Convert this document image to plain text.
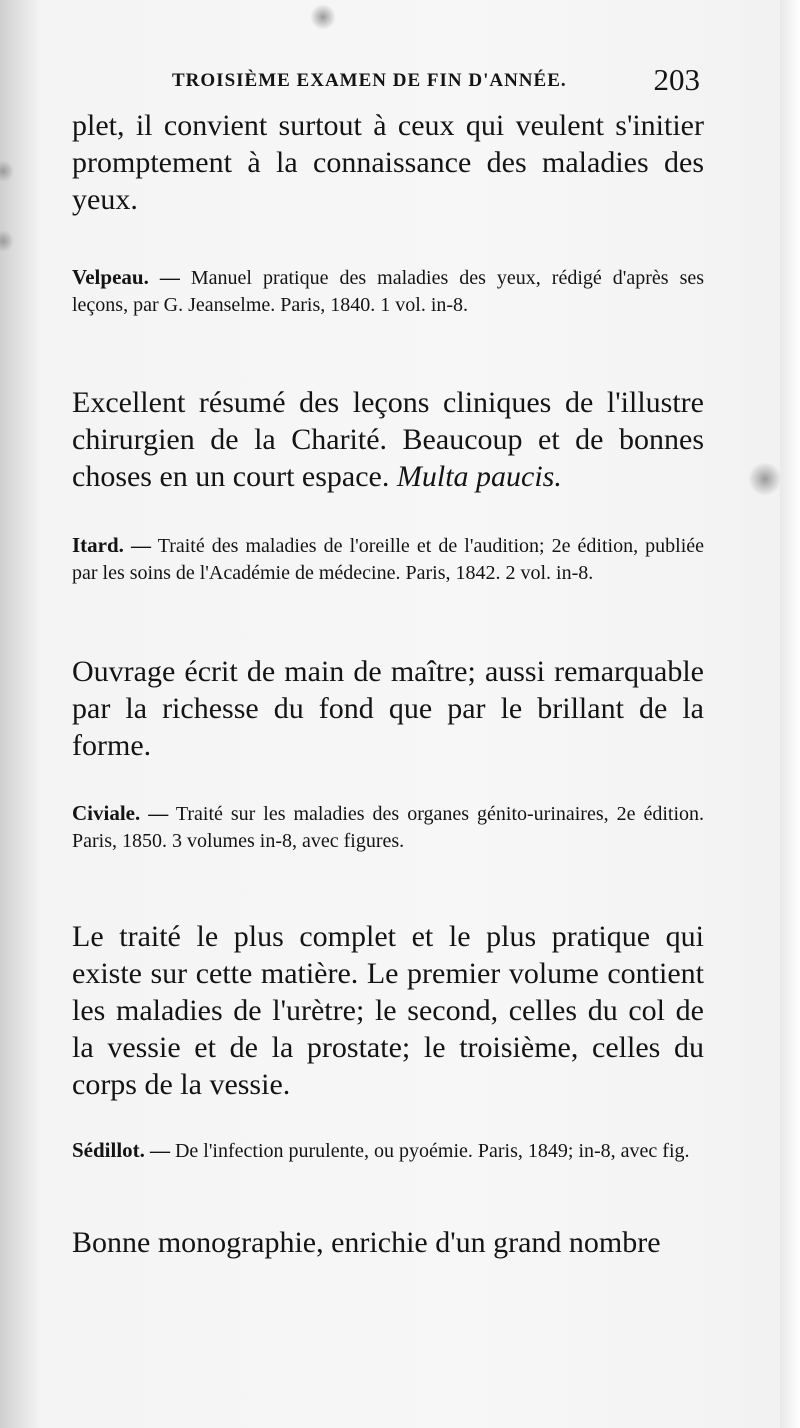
TROISIÈME EXAMEN DE FIN D'ANNÉE.	203

plet, il convient surtout à ceux qui veulent s'initier promptement à la connaissance des maladies des yeux.

Velpeau. — Manuel pratique des maladies des yeux, rédigé d'après ses leçons, par G. Jeanselme. Paris, 1840. 1 vol. in-8.

Excellent résumé des leçons cliniques de l'illustre chirurgien de la Charité. Beaucoup et de bonnes choses en un court espace. Multa paucis.

Itard. — Traité des maladies de l'oreille et de l'audition; 2e édition, publiée par les soins de l'Académie de médecine. Paris, 1842. 2 vol. in-8.

Ouvrage écrit de main de maître; aussi remarquable par la richesse du fond que par le brillant de la forme.

Civiale. — Traité sur les maladies des organes génito-urinaires, 2e édition. Paris, 1850. 3 volumes in-8, avec figures.

Le traité le plus complet et le plus pratique qui existe sur cette matière. Le premier volume contient les maladies de l'urètre; le second, celles du col de la vessie et de la prostate; le troisième, celles du corps de la vessie.

Sédillot. — De l'infection purulente, ou pyoémie. Paris, 1849; in-8, avec fig.

Bonne monographie, enrichie d'un grand nombre
